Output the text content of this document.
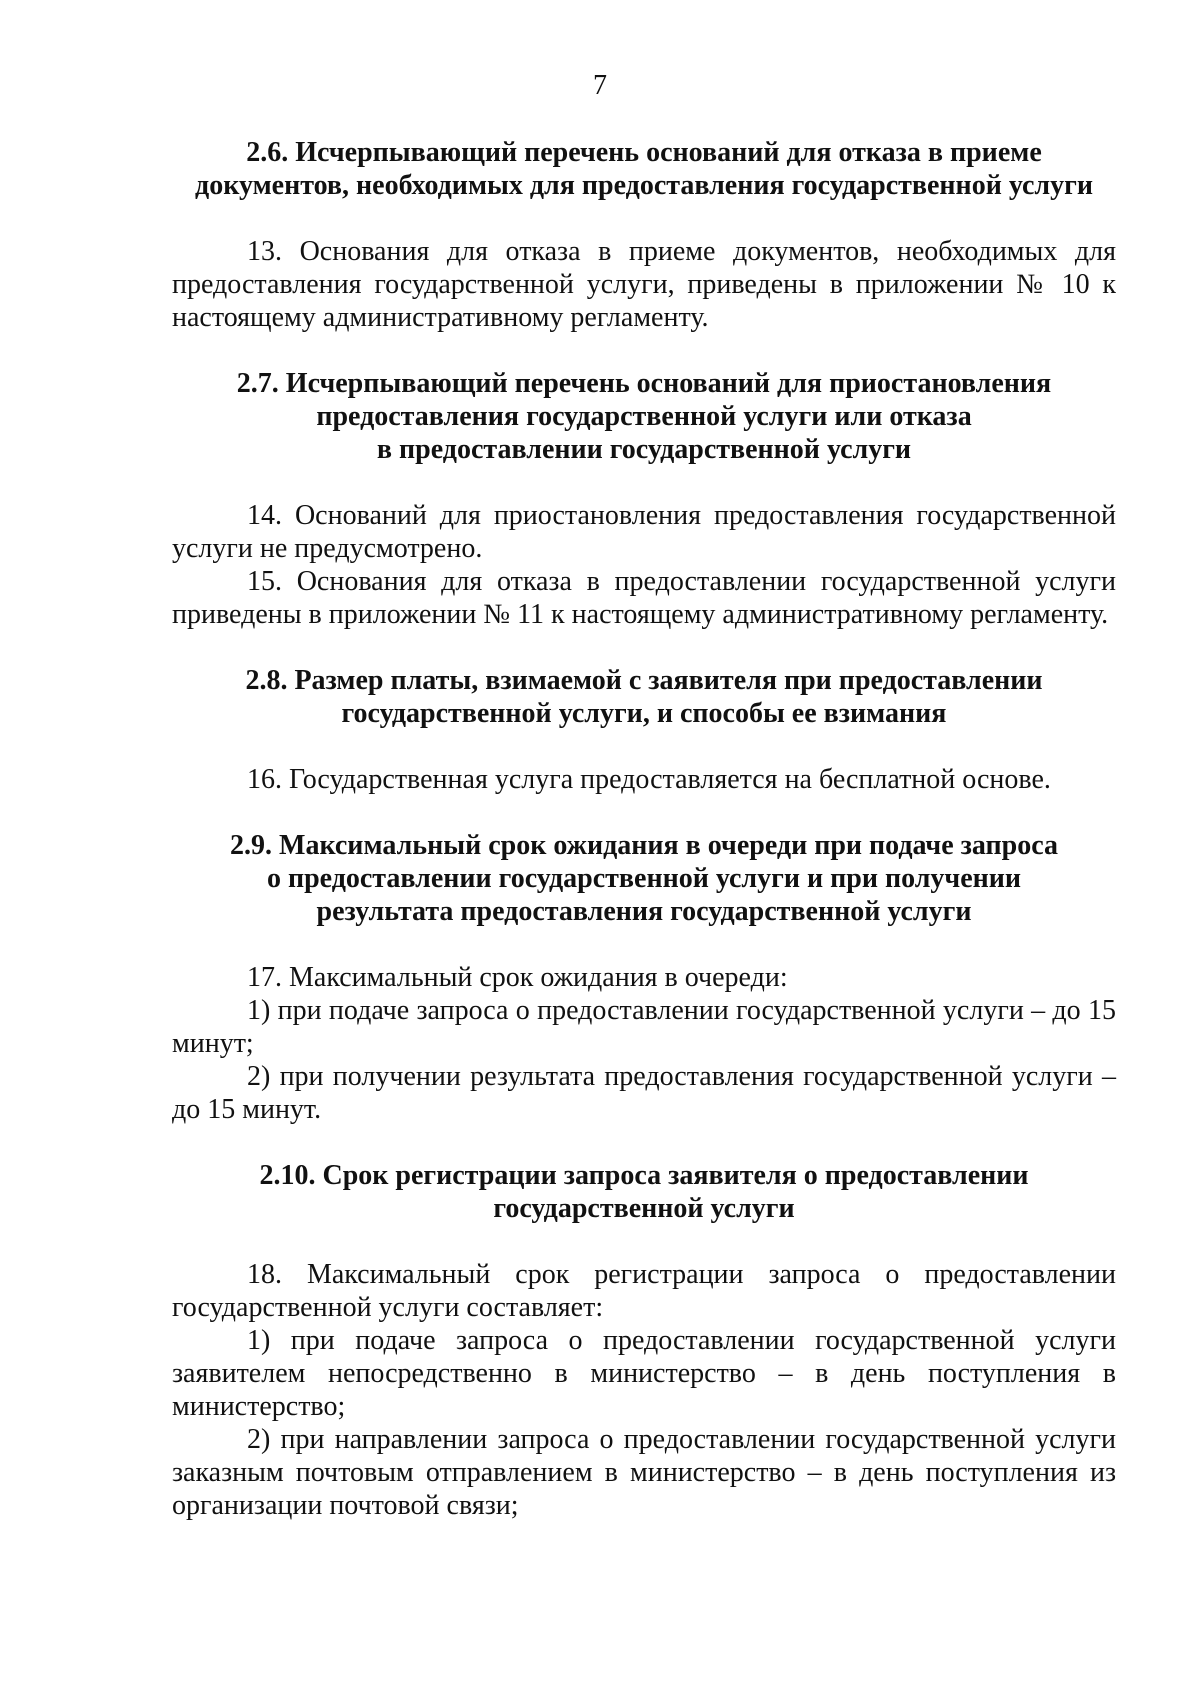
7
2.6. Исчерпывающий перечень оснований для отказа в приеме
документов, необходимых для предоставления государственной услуги

13. Основания для отказа в приеме документов, необходимых для предоставления государственной услуги, приведены в приложении № 10 к настоящему административному регламенту.

2.7. Исчерпывающий перечень оснований для приостановления
предоставления государственной услуги или отказа
в предоставлении государственной услуги

14. Оснований для приостановления предоставления государственной услуги не предусмотрено.

15. Основания для отказа в предоставлении государственной услуги приведены в приложении № 11 к настоящему административному регламенту.

2.8. Размер платы, взимаемой с заявителя при предоставлении
государственной услуги, и способы ее взимания

16. Государственная услуга предоставляется на бесплатной основе.

2.9. Максимальный срок ожидания в очереди при подаче запроса
о предоставлении государственной услуги и при получении
результата предоставления государственной услуги

17. Максимальный срок ожидания в очереди:

1) при подаче запроса о предоставлении государственной услуги – до 15 минут;

2) при получении результата предоставления государственной услуги – до 15 минут.

2.10. Срок регистрации запроса заявителя о предоставлении
государственной услуги

18. Максимальный срок регистрации запроса о предоставлении государственной услуги составляет:

1) при подаче запроса о предоставлении государственной услуги заявителем непосредственно в министерство – в день поступления в министерство;

2) при направлении запроса о предоставлении государственной услуги заказным почтовым отправлением в министерство – в день поступления из организации почтовой связи;
